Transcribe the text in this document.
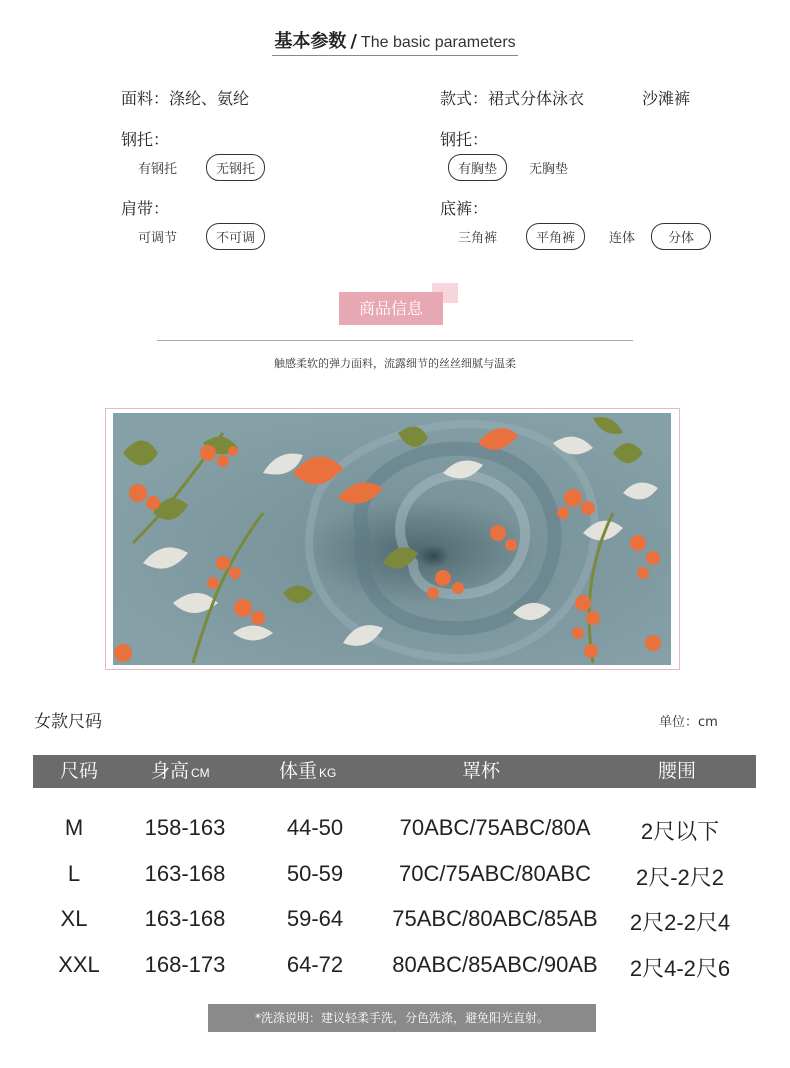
基本参数 / The basic parameters
面料：涤纶、氨纶	款式：裙式分体泳衣	沙滩裤
钢托：
有钢托	无钢托
钢托：
有胸垫	无胸垫
肩带：
可调节	不可调
底裤：
三角裤	平角裤	连体	分体
商品信息
触感柔软的弹力面料，流露细节的丝丝细腻与温柔
女款尺码	单位：cm
尺码	身高 CM	体重 KG	罩杯	腰围
M	158-163	44-50	70ABC/75ABC/80A	2尺以下
L	163-168	50-59	70C/75ABC/80ABC	2尺-2尺2
XL	163-168	59-64	75ABC/80ABC/85AB	2尺2-2尺4
XXL	168-173	64-72	80ABC/85ABC/90AB	2尺4-2尺6
*洗涤说明：建议轻柔手洗，分色洗涤，避免阳光直射。
